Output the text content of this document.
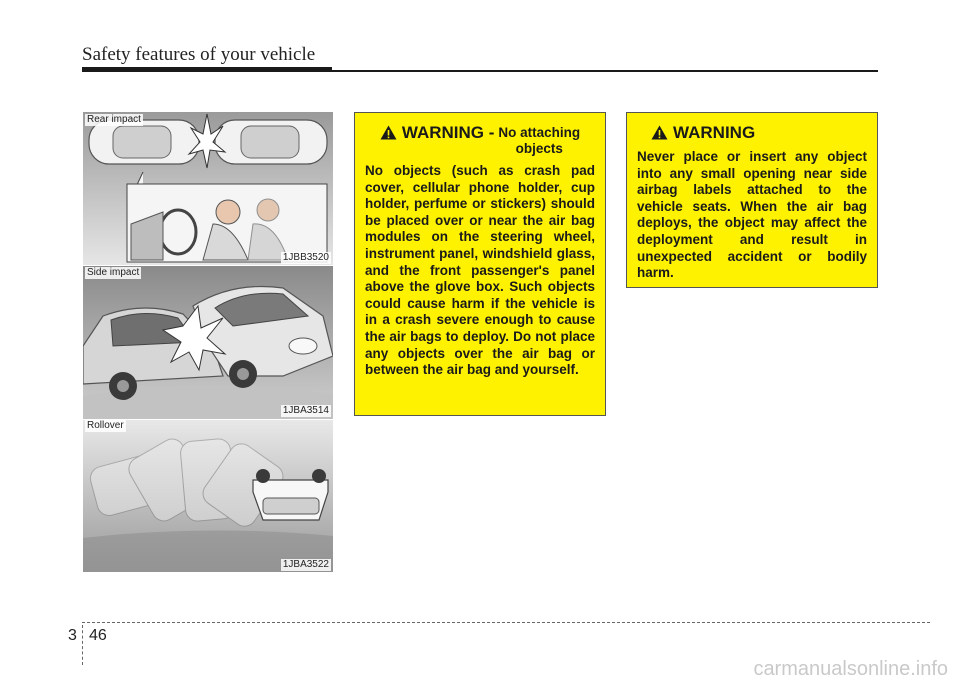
Safety features of your vehicle
Rear impact
1JBB3520
Side impact
1JBA3514
Rollover
1JBA3522
WARNING - No attaching
objects
No objects (such as crash pad cover, cellular phone holder, cup holder, perfume or stickers) should be placed over or near the air bag modules on the steering wheel, instrument panel, windshield glass, and the front passenger's panel above the glove box. Such objects could cause harm if the vehicle is in a crash severe enough to cause the air bags to deploy. Do not place any objects over the air bag or between the air bag and yourself.
WARNING
Never place or insert any object into any small opening near side airbag labels attached to the vehicle seats. When the air bag deploys, the object may affect the deployment and result in unexpected accident or bodily harm.
3 46
carmanualsonline.info
